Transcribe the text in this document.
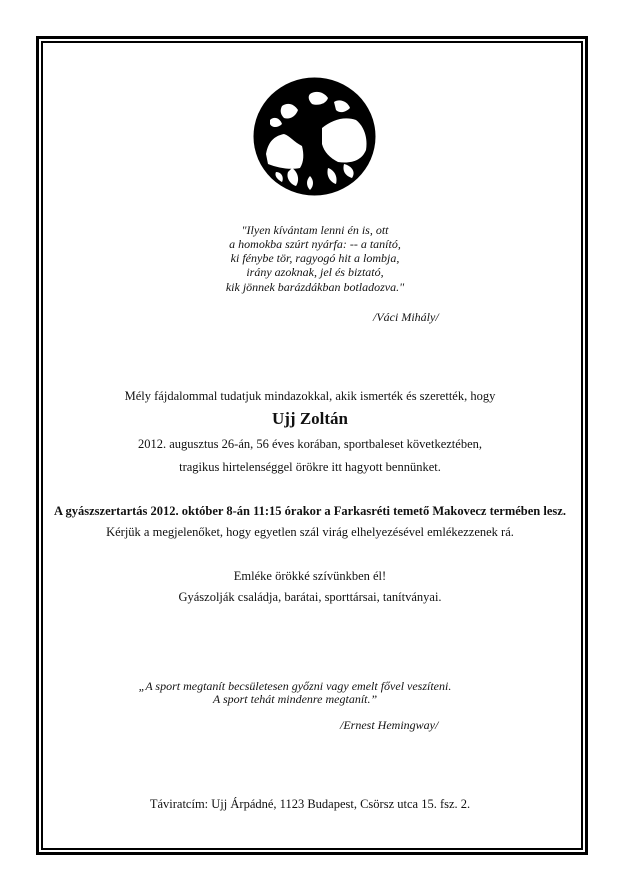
"Ilyen kívántam lenni én is, ott
a homokba szúrt nyárfa: -- a tanító,
ki fénybe tör, ragyogó hit a lombja,
irány azoknak, jel és biztató,
kik jönnek barázdákban botladozva."
/Váci Mihály/
Mély fájdalommal tudatjuk mindazokkal, akik ismerték és szerették, hogy
Ujj Zoltán
2012. augusztus 26-án, 56 éves korában, sportbaleset következtében,
tragikus hirtelenséggel örökre itt hagyott bennünket.
A gyászszertartás 2012. október 8-án 11:15 órakor a Farkasréti temető Makovecz termében lesz.
Kérjük a megjelenőket, hogy egyetlen szál virág elhelyezésével emlékezzenek rá.
Emléke örökké szívünkben él!
Gyászolják családja, barátai, sporttársai, tanítványai.
„A sport megtanít becsületesen győzni vagy emelt fővel veszíteni.
A sport tehát mindenre megtanít.”
/Ernest Hemingway/
Táviratcím: Ujj Árpádné, 1123 Budapest, Csörsz utca 15. fsz. 2.
